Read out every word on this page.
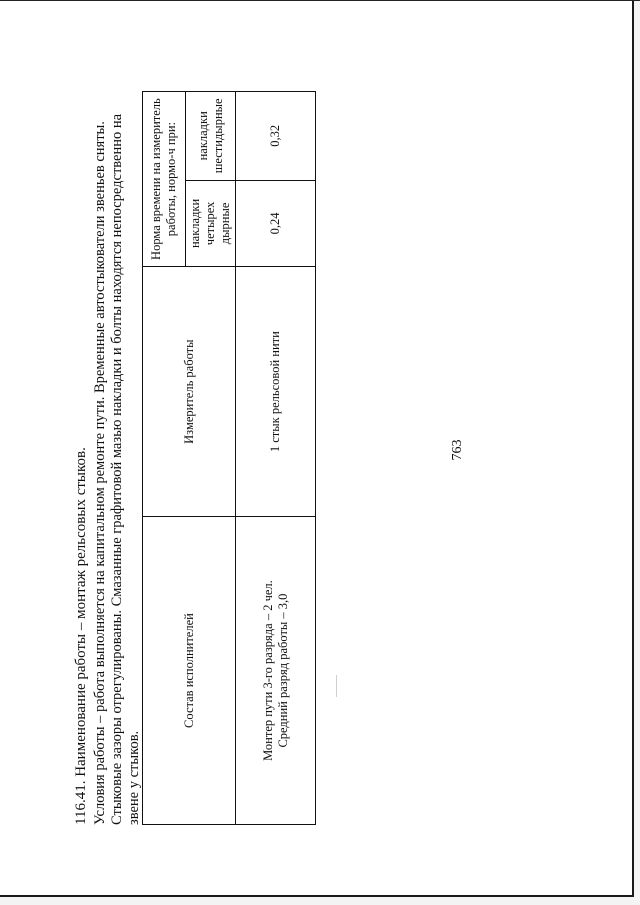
763
116.41. Наименование работы – монтаж рельсовых стыков. Условия работы – работа выполняется на капитальном ремонте пути. Временные автостыкователи звеньев сняты. Стыковые зазоры отрегулированы. Смазанные графитовой мазью накладки и болты находятся непосредственно на звене у стыков.
Состав исполнителей	Измеритель работы	Норма времени на измеритель работы, нормо-ч при:	
		накладки четырех дырные	накладки шестидырные

Монтер пути 3-го разряда – 2 чел. Средний разряд работы – 3,0	1 стык рельсовой нити	0,24	0,32
